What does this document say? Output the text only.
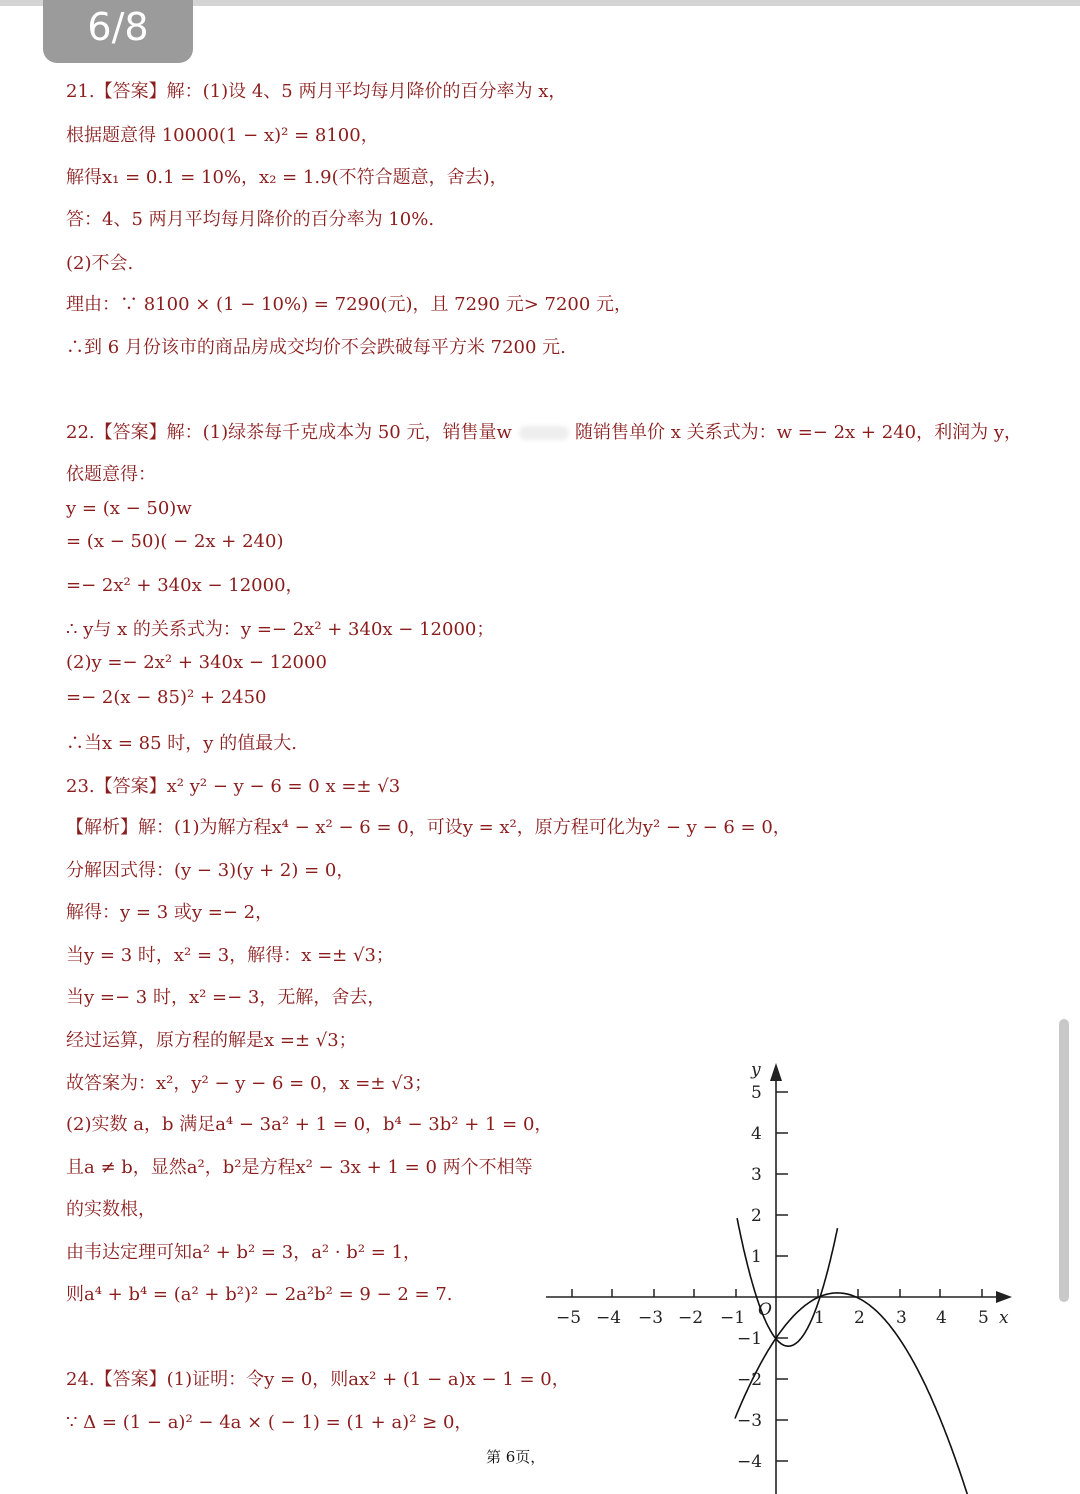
6/8
21.【答案】解：(1)设 4、5 两月平均每月降价的百分率为 x，
根据题意得 10000(1 − x)² = 8100，
解得x₁ = 0.1 = 10%，x₂ = 1.9(不符合题意，舍去)，
答：4、5 两月平均每月降价的百分率为 10%.
(2)不会.
理由：∵ 8100 × (1 − 10%) = 7290(元)，且 7290 元> 7200 元，
∴到 6 月份该市的商品房成交均价不会跌破每平方米 7200 元.
22.【答案】解：(1)绿茶每千克成本为 50 元，销售量w	随销售单价 x 关系式为：w =− 2x + 240，利润为 y，
依题意得：
y = (x − 50)w
= (x − 50)( − 2x + 240)
=− 2x² + 340x − 12000，
∴ y与 x 的关系式为：y =− 2x² + 340x − 12000；
(2)y =− 2x² + 340x − 12000
=− 2(x − 85)² + 2450
∴当x = 85 时，y 的值最大.
23.【答案】x² y² − y − 6 = 0 x =± √3
【解析】解：(1)为解方程x⁴ − x² − 6 = 0，可设y = x²，原方程可化为y² − y − 6 = 0，
分解因式得：(y − 3)(y + 2) = 0，
解得：y = 3 或y =− 2，
当y = 3 时，x² = 3，解得：x =± √3；
当y =− 3 时，x² =− 3，无解，舍去，
经过运算，原方程的解是x =± √3；
故答案为：x²，y² − y − 6 = 0，x =± √3；
(2)实数 a，b 满足a⁴ − 3a² + 1 = 0，b⁴ − 3b² + 1 = 0，
且a ≠ b，显然a²，b²是方程x² − 3x + 1 = 0 两个不相等
的实数根，
由韦达定理可知a² + b² = 3，a² · b² = 1，
则a⁴ + b⁴ = (a² + b²)² − 2a²b² = 9 − 2 = 7.
24.【答案】(1)证明：令y = 0，则ax² + (1 − a)x − 1 = 0，
∵ Δ = (1 − a)² − 4a × ( − 1) = (1 + a)² ≥ 0，
第 6页，
−5 −4 −3 −2 −1	1 2 3 4 5 x
5
4
3
2
1
−1
−2
−3
−4
y
O
